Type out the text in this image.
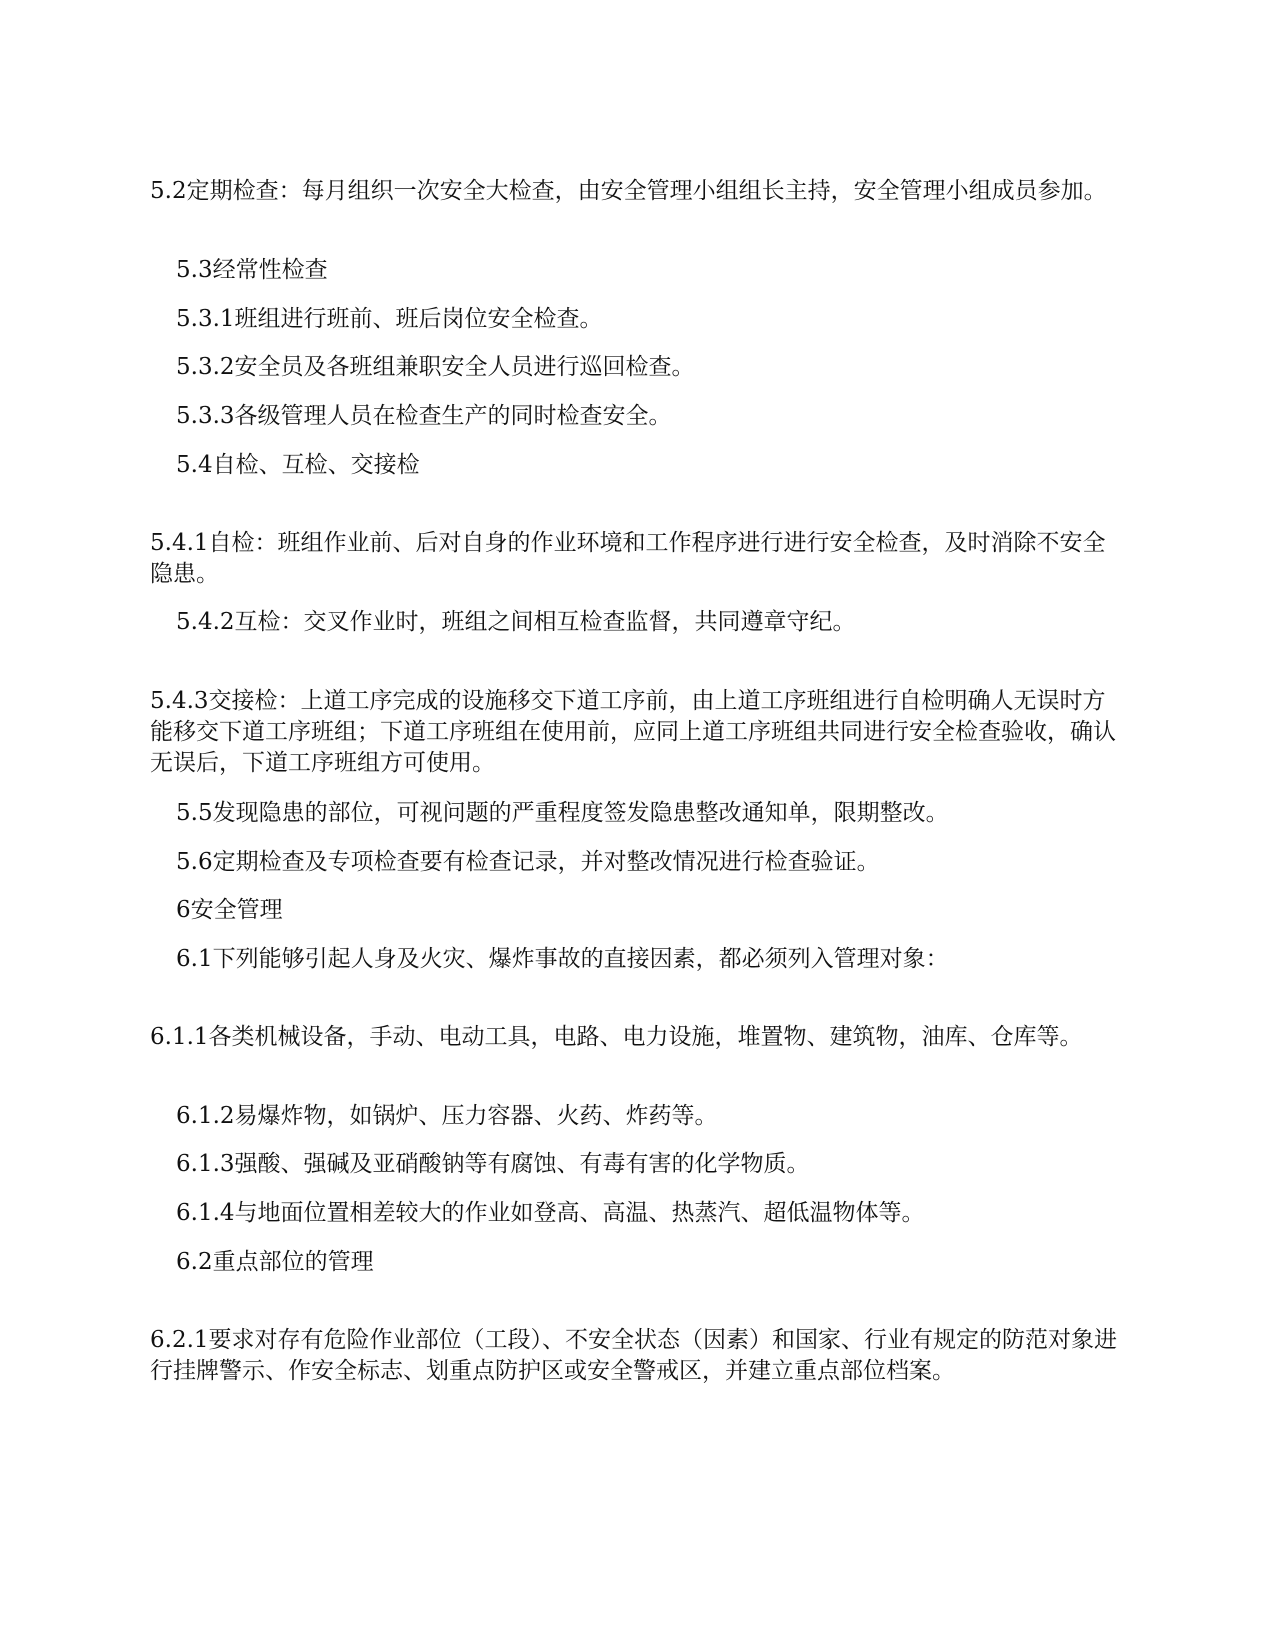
5.2定期检查：每月组织一次安全大检查，由安全管理小组组长主持，安全管理小组成员参加。

5.3经常性检查

5.3.1班组进行班前、班后岗位安全检查。

5.3.2安全员及各班组兼职安全人员进行巡回检查。

5.3.3各级管理人员在检查生产的同时检查安全。

5.4自检、互检、交接检

5.4.1自检：班组作业前、后对自身的作业环境和工作程序进行进行安全检查，及时消除不安全隐患。

5.4.2互检：交叉作业时，班组之间相互检查监督，共同遵章守纪。

5.4.3交接检：上道工序完成的设施移交下道工序前，由上道工序班组进行自检明确人无误时方能移交下道工序班组；下道工序班组在使用前，应同上道工序班组共同进行安全检查验收，确认无误后，下道工序班组方可使用。

5.5发现隐患的部位，可视问题的严重程度签发隐患整改通知单，限期整改。

5.6定期检查及专项检查要有检查记录，并对整改情况进行检查验证。

6安全管理

6.1下列能够引起人身及火灾、爆炸事故的直接因素，都必须列入管理对象：

6.1.1各类机械设备，手动、电动工具，电路、电力设施，堆置物、建筑物，油库、仓库等。

6.1.2易爆炸物，如锅炉、压力容器、火药、炸药等。

6.1.3强酸、强碱及亚硝酸钠等有腐蚀、有毒有害的化学物质。

6.1.4与地面位置相差较大的作业如登高、高温、热蒸汽、超低温物体等。

6.2重点部位的管理

6.2.1要求对存有危险作业部位（工段）、不安全状态（因素）和国家、行业有规定的防范对象进行挂牌警示、作安全标志、划重点防护区或安全警戒区，并建立重点部位档案。
